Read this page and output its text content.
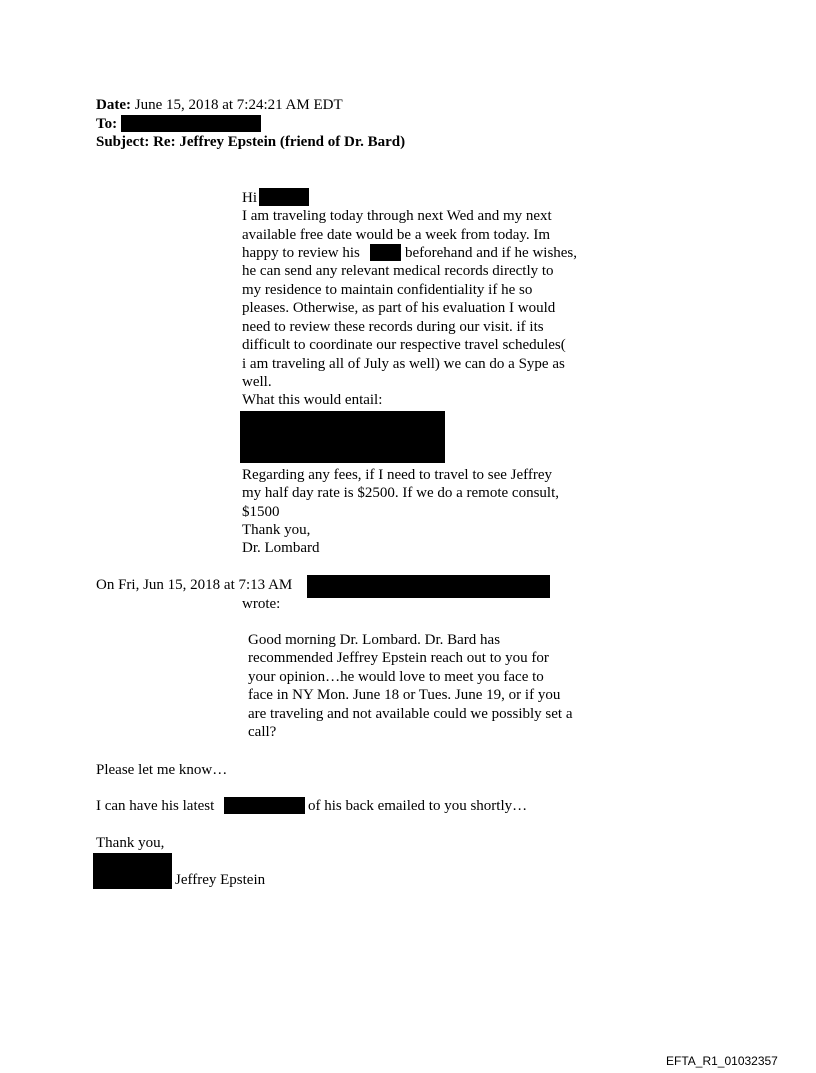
Date: June 15, 2018 at 7:24:21 AM EDT
To:
Subject: Re: Jeffrey Epstein (friend of Dr. Bard)
Hi
I am traveling today through next Wed and my next
available free date would be a week from today. Im
happy to review his	beforehand and if he wishes,
he can send any relevant medical records directly to
my residence to maintain confidentiality if he so
pleases. Otherwise, as part of his evaluation I would
need to review these records during our visit. if its
difficult to coordinate our respective travel schedules(
i am traveling all of July as well) we can do a Sype as
well.
What this would entail:
Regarding any fees, if I need to travel to see Jeffrey
my half day rate is $2500. If we do a remote consult,
$1500
Thank you,
Dr. Lombard
On Fri, Jun 15, 2018 at 7:13 AM
wrote:
Good morning Dr. Lombard. Dr. Bard has
recommended Jeffrey Epstein reach out to you for
your opinion…he would love to meet you face to
face in NY Mon. June 18 or Tues. June 19, or if you
are traveling and not available could we possibly set a
call?
Please let me know…
I can have his latest	of his back emailed to you shortly…
Thank you,
Jeffrey Epstein
EFTA_R1_01032357
